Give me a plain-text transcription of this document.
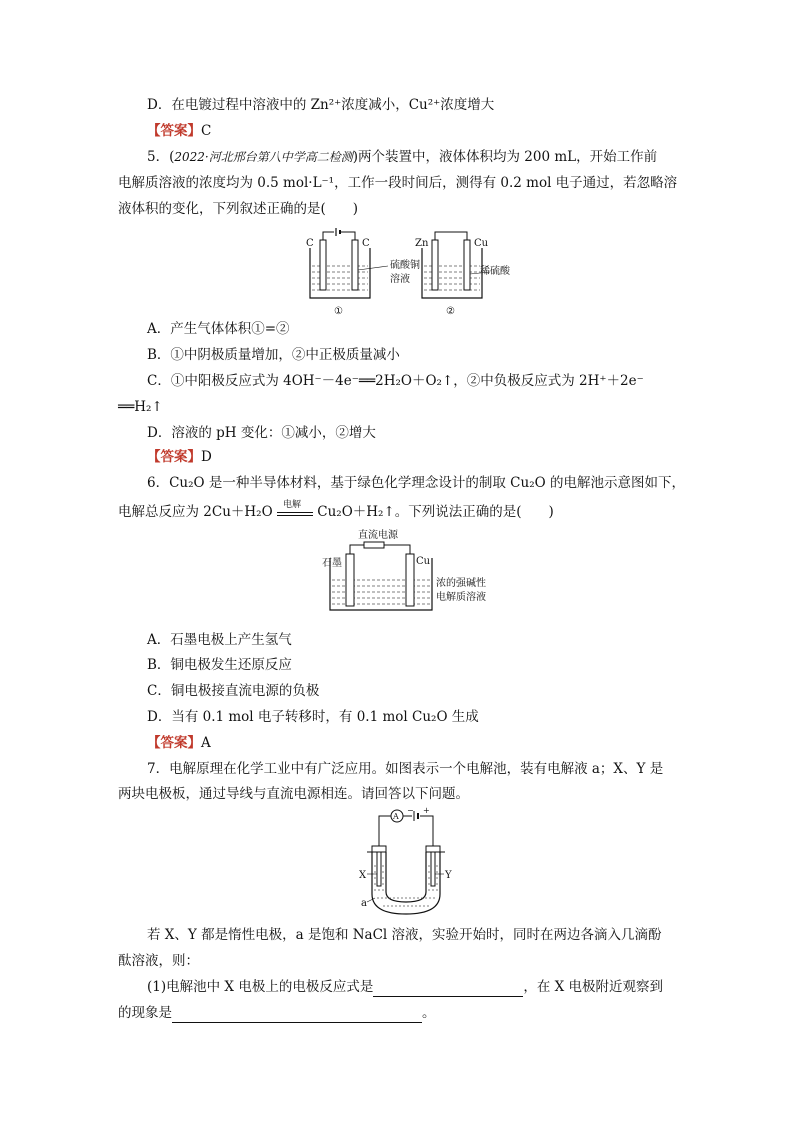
D．在电镀过程中溶液中的 Zn²⁺浓度减小，Cu²⁺浓度增大
【答案】C
5．(2022·河北邢台第八中学高二检测)两个装置中，液体体积均为 200 mL，开始工作前
电解质溶液的浓度均为 0.5 mol·L⁻¹，工作一段时间后，测得有 0.2 mol 电子通过，若忽略溶
液体积的变化，下列叙述正确的是(　　)
C	C
硫酸铜
溶液
①
Zn	Cu
稀硫酸
②
A．产生气体体积①=②
B．①中阴极质量增加，②中正极质量减小
C．①中阳极反应式为 4OH⁻－4e⁻══2H₂O＋O₂↑，②中负极反应式为 2H⁺＋2e⁻
══H₂↑
D．溶液的 pH 变化：①减小，②增大
【答案】D
6．Cu₂O 是一种半导体材料，基于绿色化学理念设计的制取 Cu₂O 的电解池示意图如下，
电解总反应为 2Cu＋H₂O 电解 Cu₂O＋H₂↑。下列说法正确的是(　　)
直流电源
石墨	Cu
浓的强碱性
电解质溶液
A．石墨电极上产生氢气
B．铜电极发生还原反应
C．铜电极接直流电源的负极
D．当有 0.1 mol 电子转移时，有 0.1 mol Cu₂O 生成
【答案】A
7．电解原理在化学工业中有广泛应用。如图表示一个电解池，装有电解液 a；X、Y 是
两块电极板，通过导线与直流电源相连。请回答以下问题。
A
− +
X	Y
a
若 X、Y 都是惰性电极，a 是饱和 NaCl 溶液，实验开始时，同时在两边各滴入几滴酚
酞溶液，则：
(1)电解池中 X 电极上的电极反应式是	，在 X 电极附近观察到
的现象是	。
